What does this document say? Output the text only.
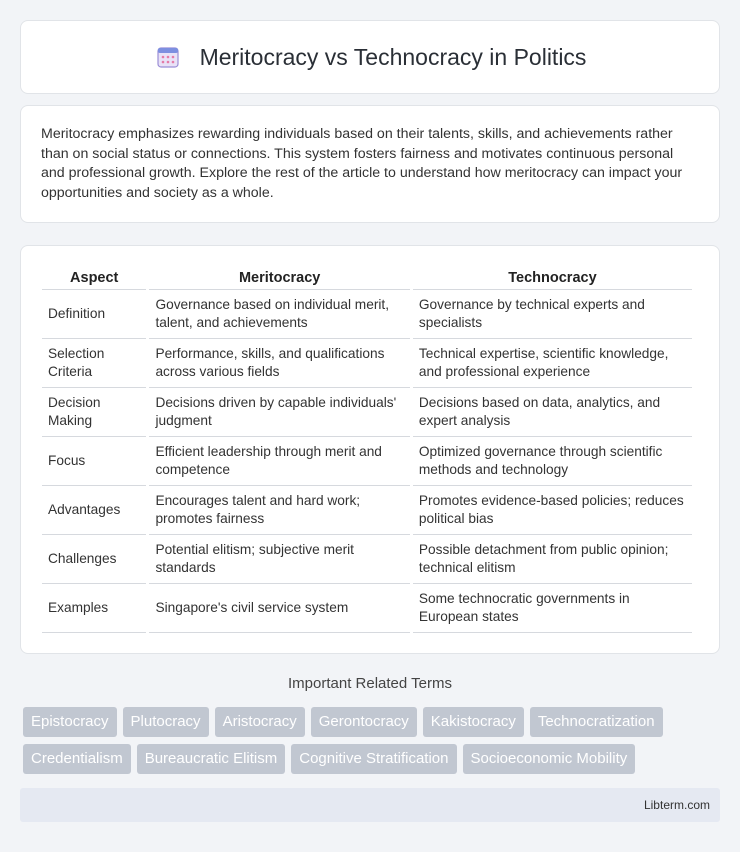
Meritocracy vs Technocracy in Politics

Meritocracy emphasizes rewarding individuals based on their talents, skills, and achievements rather than on social status or connections. This system fosters fairness and motivates continuous personal and professional growth. Explore the rest of the article to understand how meritocracy can impact your opportunities and society as a whole.

Aspect	Meritocracy	Technocracy
Definition	Governance based on individual merit, talent, and achievements	Governance by technical experts and specialists
Selection Criteria	Performance, skills, and qualifications across various fields	Technical expertise, scientific knowledge, and professional experience
Decision Making	Decisions driven by capable individuals' judgment	Decisions based on data, analytics, and expert analysis
Focus	Efficient leadership through merit and competence	Optimized governance through scientific methods and technology
Advantages	Encourages talent and hard work; promotes fairness	Promotes evidence-based policies; reduces political bias
Challenges	Potential elitism; subjective merit standards	Possible detachment from public opinion; technical elitism
Examples	Singapore's civil service system	Some technocratic governments in European states
Important Related Terms
Epistocracy	Plutocracy	Aristocracy	Gerontocracy	Kakistocracy	Technocratization
Credentialism	Bureaucratic Elitism	Cognitive Stratification	Socioeconomic Mobility
Libterm.com
